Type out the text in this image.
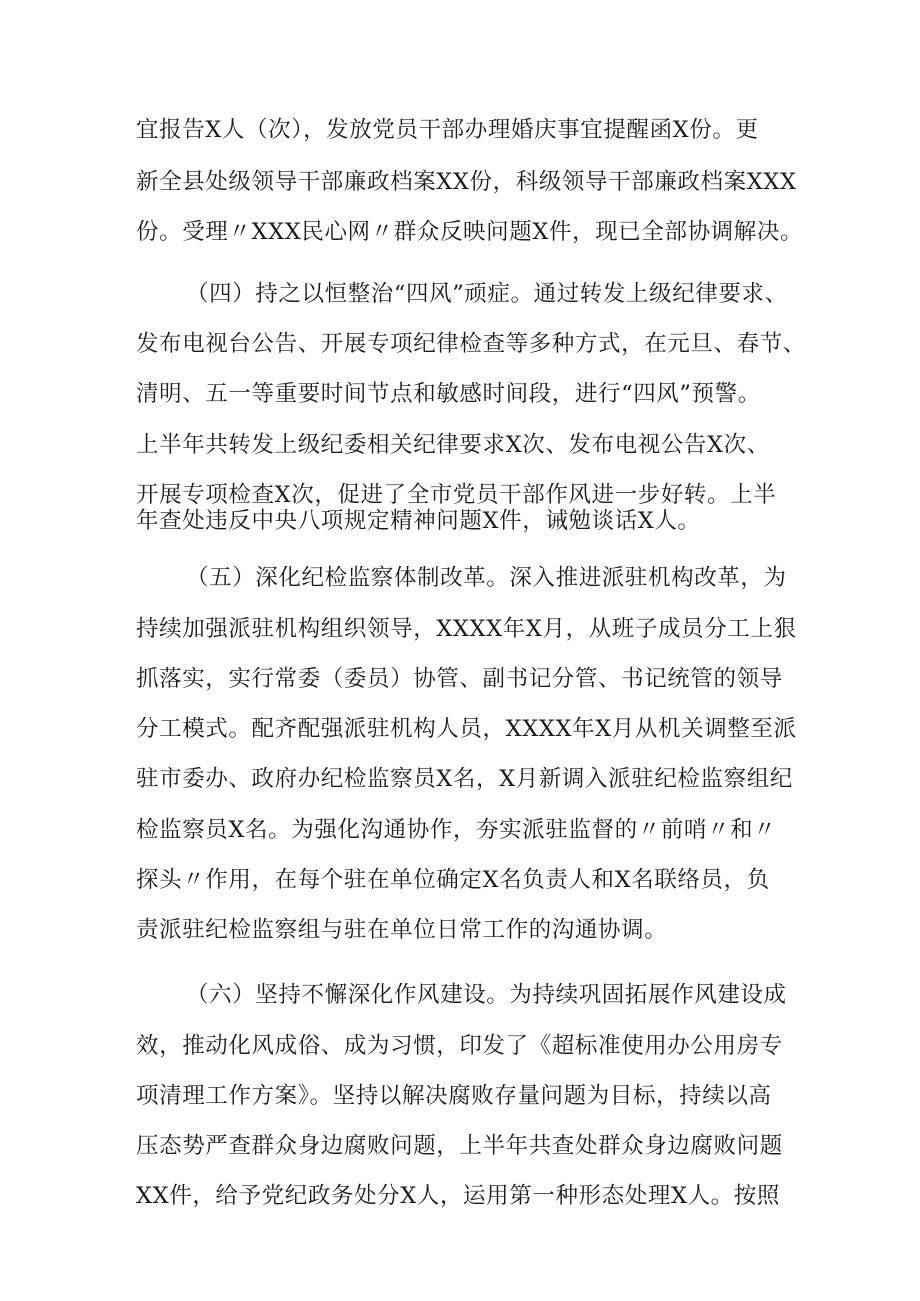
宜报告X人（次），发放党员干部办理婚庆事宜提醒函X份。更
新全县处级领导干部廉政档案XX份，科级领导干部廉政档案XXX
份。受理〃XXX民心网〃群众反映问题X件，现已全部协调解决。
（四）持之以恒整治“四风”顽症。通过转发上级纪律要求、
发布电视台公告、开展专项纪律检查等多种方式，在元旦、春节、
清明、五一等重要时间节点和敏感时间段，进行“四风”预警。
上半年共转发上级纪委相关纪律要求X次、发布电视公告X次、
开展专项检查X次，促进了全市党员干部作风进一步好转。上半
年查处违反中央八项规定精神问题X件，诫勉谈话X人。
（五）深化纪检监察体制改革。深入推进派驻机构改革，为
持续加强派驻机构组织领导，XXXX年X月，从班子成员分工上狠
抓落实，实行常委（委员）协管、副书记分管、书记统管的领导
分工模式。配齐配强派驻机构人员，XXXX年X月从机关调整至派
驻市委办、政府办纪检监察员X名，X月新调入派驻纪检监察组纪
检监察员X名。为强化沟通协作，夯实派驻监督的〃前哨〃和〃
探头〃作用，在每个驻在单位确定X名负责人和X名联络员，负
责派驻纪检监察组与驻在单位日常工作的沟通协调。
（六）坚持不懈深化作风建设。为持续巩固拓展作风建设成
效，推动化风成俗、成为习惯，印发了《超标准使用办公用房专
项清理工作方案》。坚持以解决腐败存量问题为目标，持续以高
压态势严查群众身边腐败问题，上半年共查处群众身边腐败问题
XX件，给予党纪政务处分X人，运用第一种形态处理X人。按照
